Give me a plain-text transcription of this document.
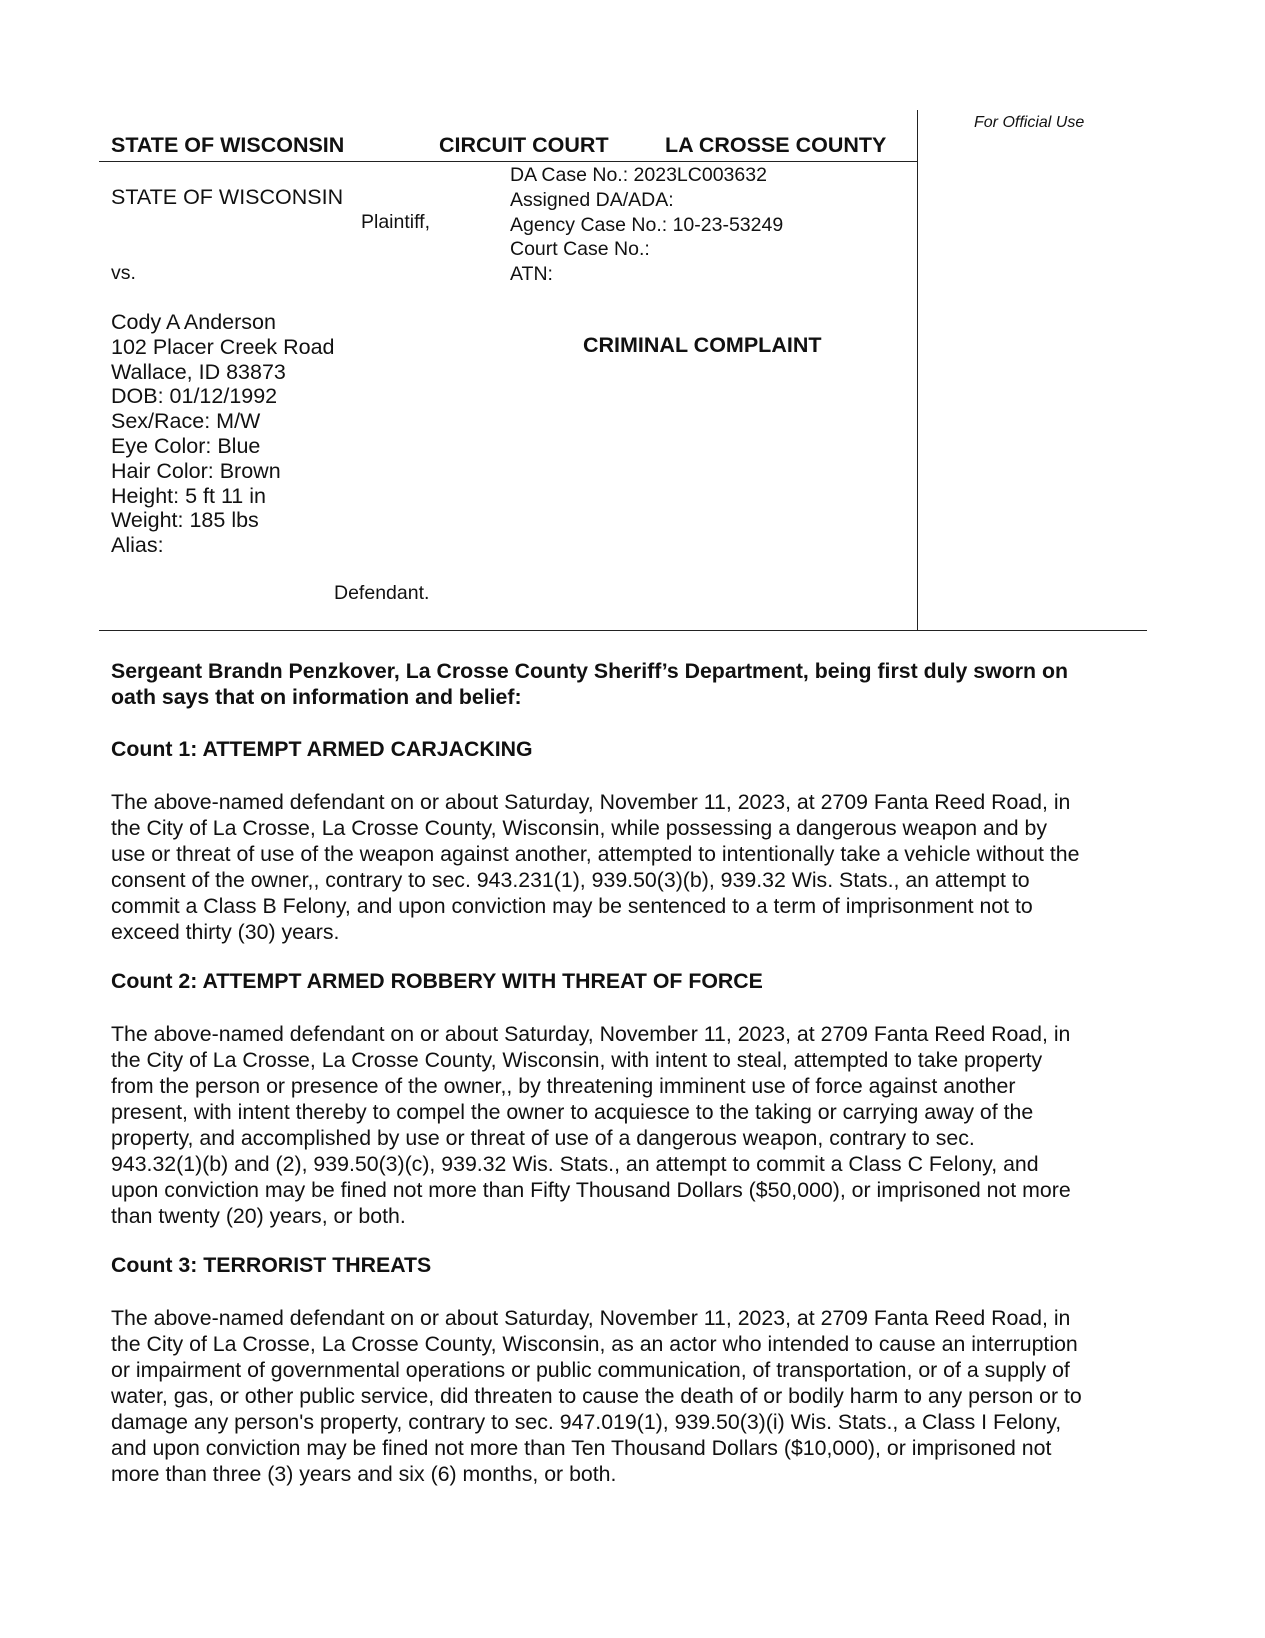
For Official Use
STATE OF WISCONSIN	CIRCUIT COURT	LA CROSSE COUNTY
STATE OF WISCONSIN
Plaintiff,
vs.
DA Case No.: 2023LC003632
Assigned DA/ADA:
Agency Case No.: 10-23-53249
Court Case No.:
ATN:
Cody A Anderson
102 Placer Creek Road
Wallace, ID 83873
DOB: 01/12/1992
Sex/Race: M/W
Eye Color: Blue
Hair Color: Brown
Height: 5 ft 11 in
Weight: 185 lbs
Alias:
Defendant.
CRIMINAL COMPLAINT
Sergeant Brandn Penzkover, La Crosse County Sheriff’s Department, being first duly sworn on
oath says that on information and belief:
Count 1: ATTEMPT ARMED CARJACKING
The above-named defendant on or about Saturday, November 11, 2023, at 2709 Fanta Reed Road, in
the City of La Crosse, La Crosse County, Wisconsin, while possessing a dangerous weapon and by
use or threat of use of the weapon against another, attempted to intentionally take a vehicle without the
consent of the owner,, contrary to sec. 943.231(1), 939.50(3)(b), 939.32 Wis. Stats., an attempt to
commit a Class B Felony, and upon conviction may be sentenced to a term of imprisonment not to
exceed thirty (30) years.
Count 2: ATTEMPT ARMED ROBBERY WITH THREAT OF FORCE
The above-named defendant on or about Saturday, November 11, 2023, at 2709 Fanta Reed Road, in
the City of La Crosse, La Crosse County, Wisconsin, with intent to steal, attempted to take property
from the person or presence of the owner,, by threatening imminent use of force against another
present, with intent thereby to compel the owner to acquiesce to the taking or carrying away of the
property, and accomplished by use or threat of use of a dangerous weapon, contrary to sec.
943.32(1)(b) and (2), 939.50(3)(c), 939.32 Wis. Stats., an attempt to commit a Class C Felony, and
upon conviction may be fined not more than Fifty Thousand Dollars ($50,000), or imprisoned not more
than twenty (20) years, or both.
Count 3: TERRORIST THREATS
The above-named defendant on or about Saturday, November 11, 2023, at 2709 Fanta Reed Road, in
the City of La Crosse, La Crosse County, Wisconsin, as an actor who intended to cause an interruption
or impairment of governmental operations or public communication, of transportation, or of a supply of
water, gas, or other public service, did threaten to cause the death of or bodily harm to any person or to
damage any person's property, contrary to sec. 947.019(1), 939.50(3)(i) Wis. Stats., a Class I Felony,
and upon conviction may be fined not more than Ten Thousand Dollars ($10,000), or imprisoned not
more than three (3) years and six (6) months, or both.
